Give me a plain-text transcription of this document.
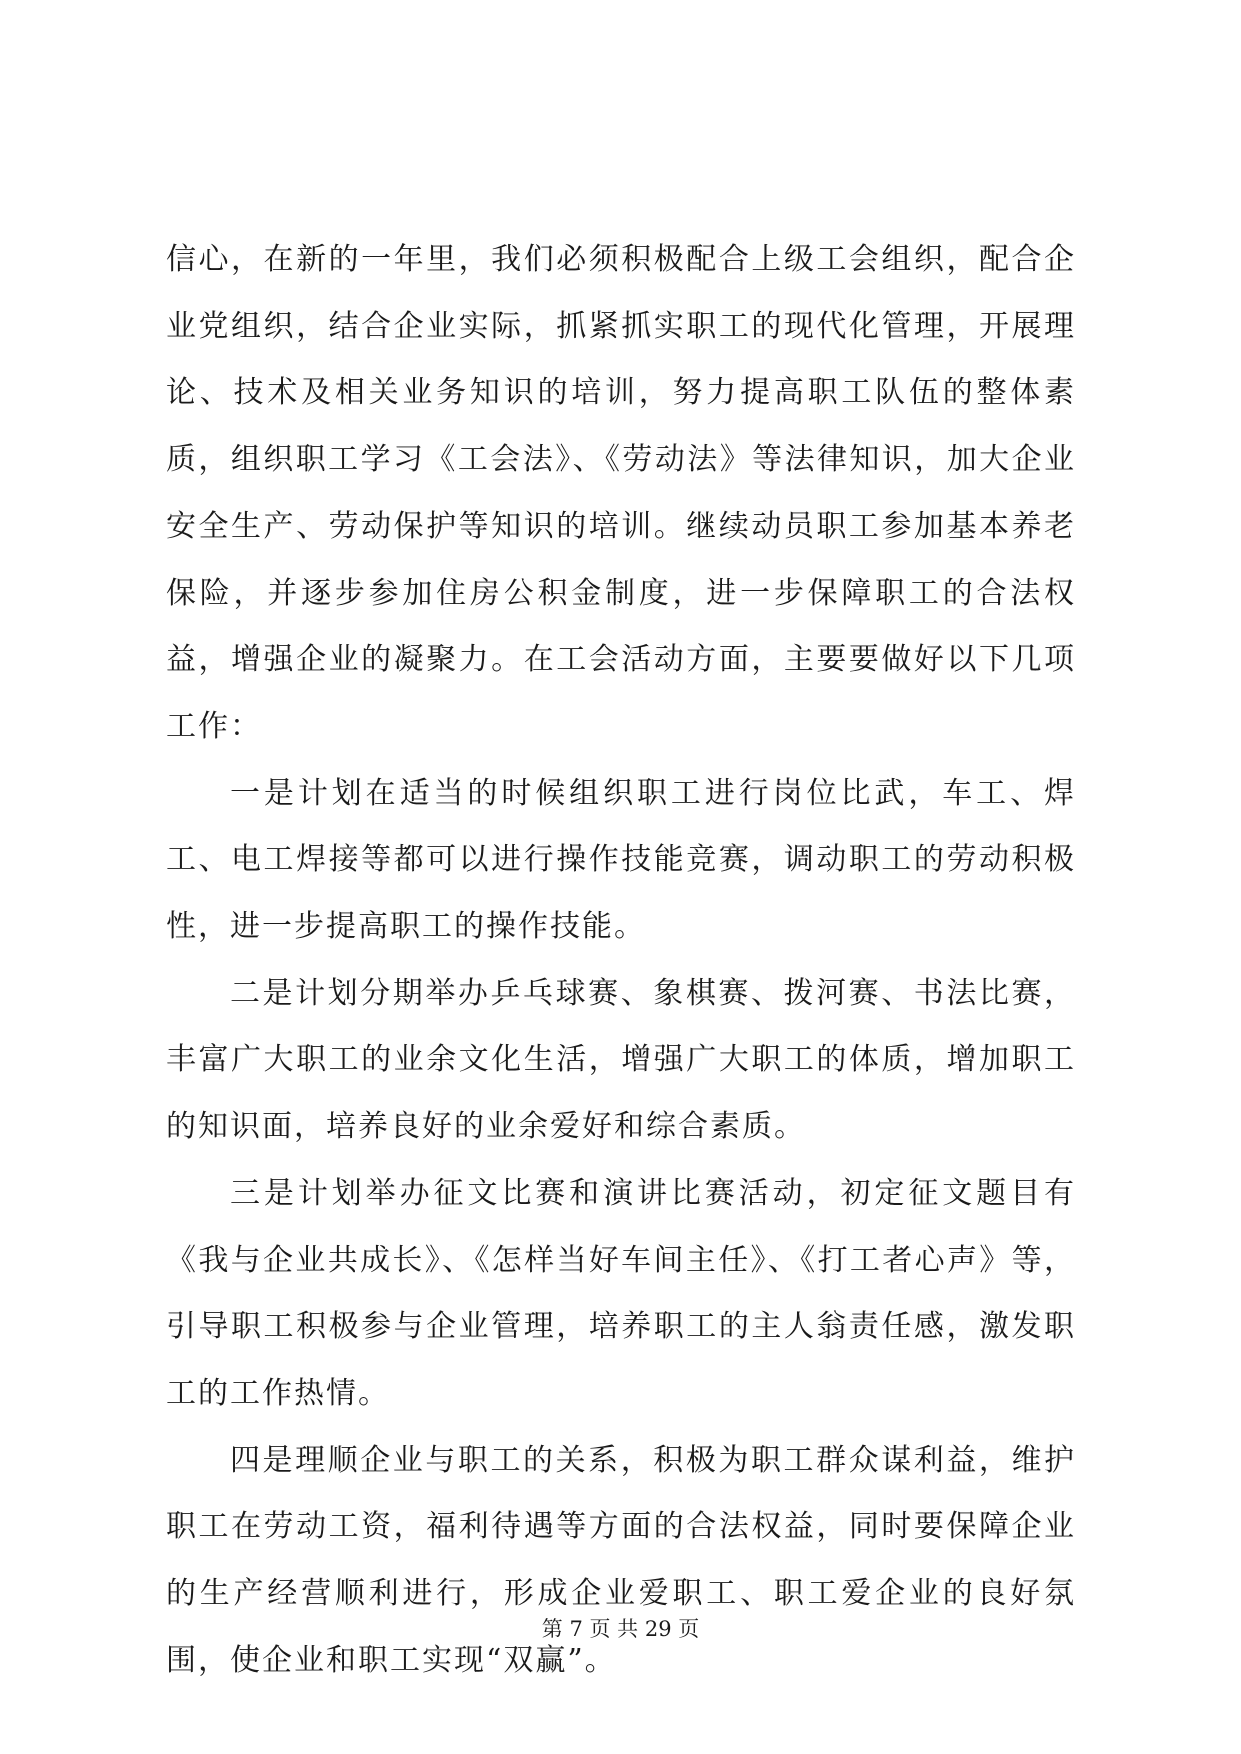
信心，在新的一年里，我们必须积极配合上级工会组织，配合企业党组织，结合企业实际，抓紧抓实职工的现代化管理，开展理论、技术及相关业务知识的培训，努力提高职工队伍的整体素质，组织职工学习《工会法》、《劳动法》等法律知识，加大企业安全生产、劳动保护等知识的培训。继续动员职工参加基本养老保险，并逐步参加住房公积金制度，进一步保障职工的合法权益，增强企业的凝聚力。在工会活动方面，主要要做好以下几项工作：

一是计划在适当的时候组织职工进行岗位比武，车工、焊工、电工焊接等都可以进行操作技能竞赛，调动职工的劳动积极性，进一步提高职工的操作技能。

二是计划分期举办乒乓球赛、象棋赛、拨河赛、书法比赛，丰富广大职工的业余文化生活，增强广大职工的体质，增加职工的知识面，培养良好的业余爱好和综合素质。

三是计划举办征文比赛和演讲比赛活动，初定征文题目有《我与企业共成长》、《怎样当好车间主任》、《打工者心声》等，引导职工积极参与企业管理，培养职工的主人翁责任感，激发职工的工作热情。

四是理顺企业与职工的关系，积极为职工群众谋利益，维护职工在劳动工资，福利待遇等方面的合法权益，同时要保障企业的生产经营顺利进行，形成企业爱职工、职工爱企业的良好氛围，使企业和职工实现“双赢”。

第 7 页 共 29 页
